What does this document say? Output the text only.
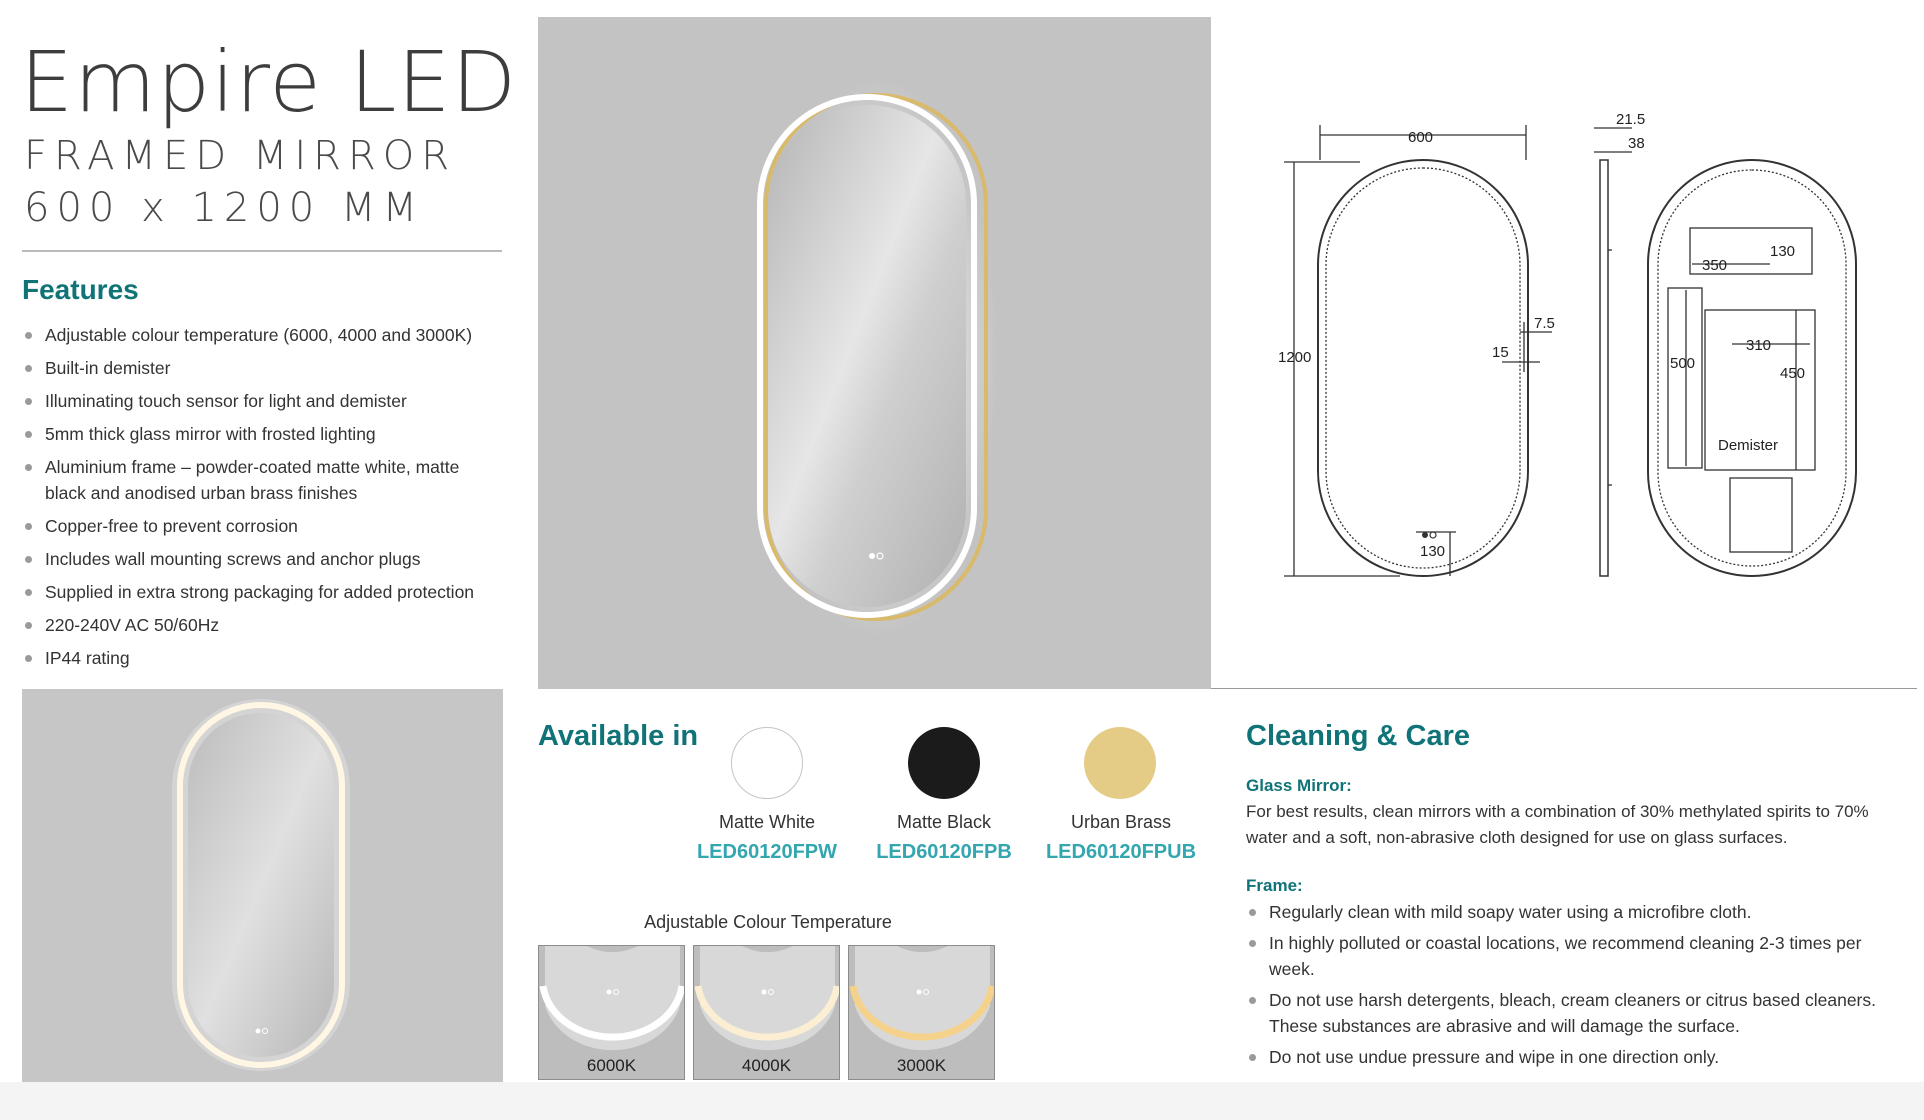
Empire LED
FRAMED MIRROR
600 x 1200 MM
Features
Adjustable colour temperature (6000, 4000 and 3000K)
Built-in demister
Illuminating touch sensor for light and demister
5mm thick glass mirror with frosted lighting
Aluminium frame – powder-coated matte white, matte black and anodised urban brass finishes
Copper-free to prevent corrosion
Includes wall mounting screws and anchor plugs
Supplied in extra strong packaging for added protection
220-240V AC 50/60Hz
IP44 rating
600
1200
21.5
38
7.5
15
130
350
130
500
310
450
Demister
Available in
Matte White
LED60120FPW
Matte Black
LED60120FPB
Urban Brass
LED60120FPUB
Adjustable Colour Temperature
6000K	4000K	3000K
Cleaning & Care
Glass Mirror:
For best results, clean mirrors with a combination of 30% methylated spirits to 70% water and a soft, non-abrasive cloth designed for use on glass surfaces.
Frame:
Regularly clean with mild soapy water using a microfibre cloth.
In highly polluted or coastal locations, we recommend cleaning 2-3 times per week.
Do not use harsh detergents, bleach, cream cleaners or citrus based cleaners. These substances are abrasive and will damage the surface.
Do not use undue pressure and wipe in one direction only.
